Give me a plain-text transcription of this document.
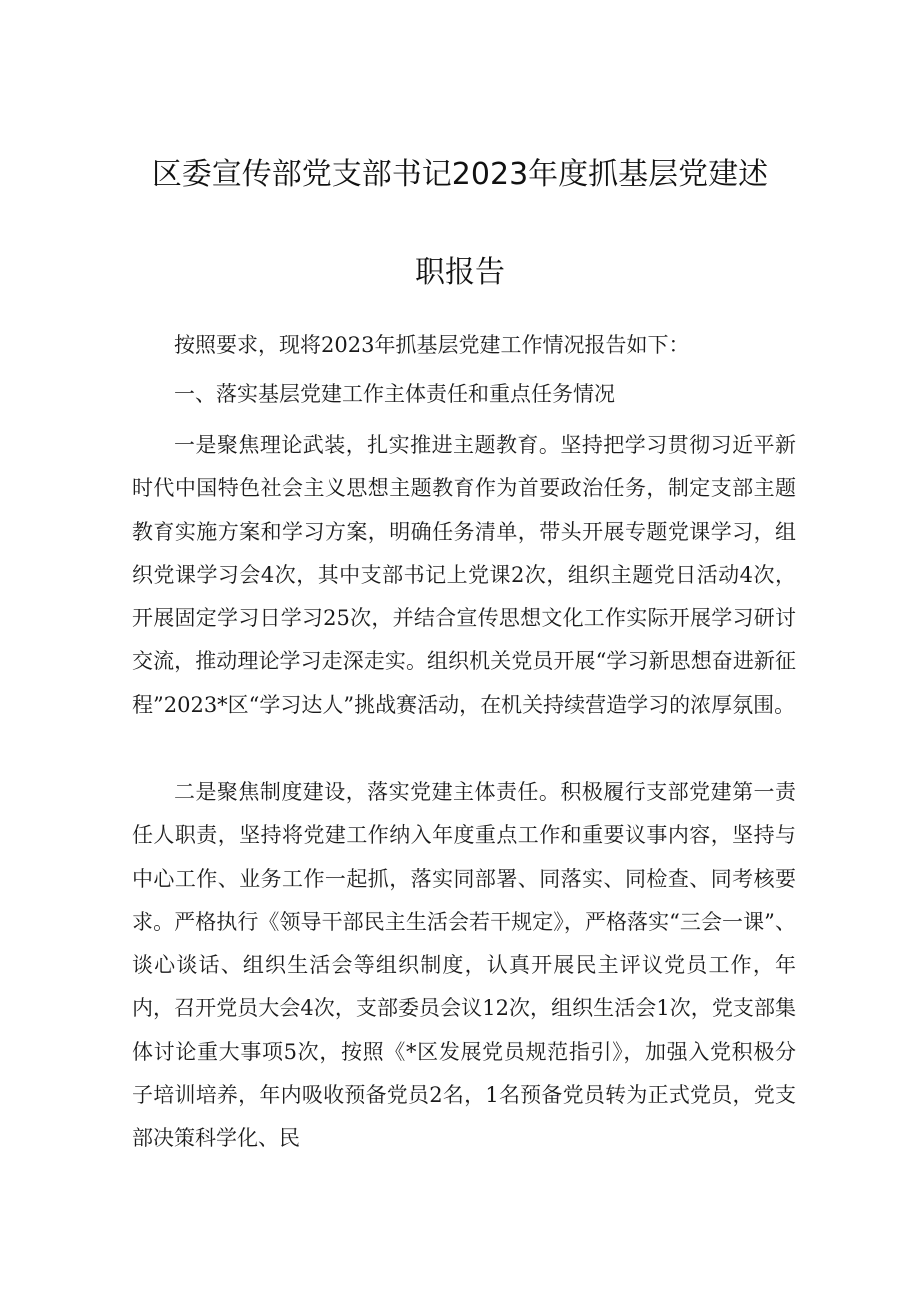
区委宣传部党支部书记2023年度抓基层党建述
职报告

按照要求，现将2023年抓基层党建工作情况报告如下：

一、落实基层党建工作主体责任和重点任务情况

一是聚焦理论武装，扎实推进主题教育。坚持把学习贯彻习近平新时代中国特色社会主义思想主题教育作为首要政治任务，制定支部主题教育实施方案和学习方案，明确任务清单，带头开展专题党课学习，组织党课学习会4次，其中支部书记上党课2次，组织主题党日活动4次，开展固定学习日学习25次，并结合宣传思想文化工作实际开展学习研讨交流，推动理论学习走深走实。组织机关党员开展“学习新思想奋进新征程”2023*区“学习达人”挑战赛活动，在机关持续营造学习的浓厚氛围。

二是聚焦制度建设，落实党建主体责任。积极履行支部党建第一责任人职责，坚持将党建工作纳入年度重点工作和重要议事内容，坚持与中心工作、业务工作一起抓，落实同部署、同落实、同检查、同考核要求。严格执行《领导干部民主生活会若干规定》，严格落实“三会一课”、谈心谈话、组织生活会等组织制度，认真开展民主评议党员工作，年内，召开党员大会4次，支部委员会议12次，组织生活会1次，党支部集体讨论重大事项5次，按照《*区发展党员规范指引》，加强入党积极分子培训培养，年内吸收预备党员2名，1名预备党员转为正式党员，党支部决策科学化、民
